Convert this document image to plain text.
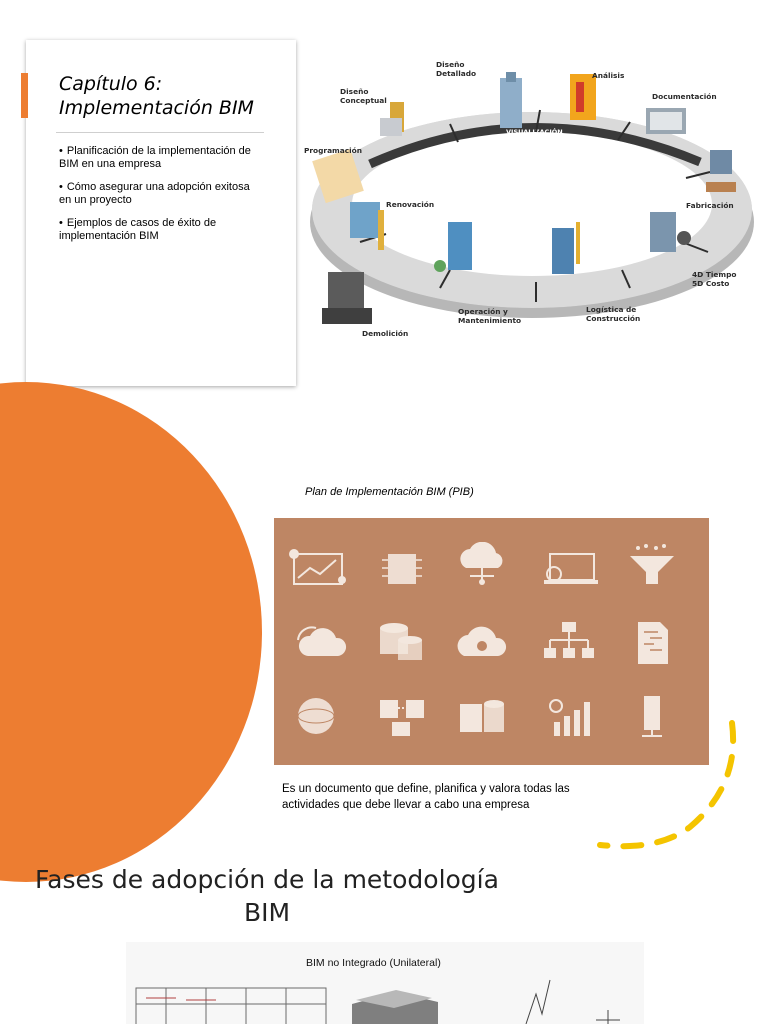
Capítulo 6:
Implementación BIM
• Planificación de la implementación de BIM en una empresa
• Cómo asegurar una adopción exitosa en un proyecto
• Ejemplos de casos de éxito de implementación BIM
VISUALIZACIÓN
Diseño Detallado
Diseño Conceptual
Análisis
Documentación
Programación
Renovación	Fabricación
4D Tiempo 5D Costo
Demolición
Operación y Mantenimiento
Logística de Construcción
Plan de Implementación BIM (PIB)
Es un documento que define, planifica y valora todas las actividades que debe llevar a cabo una empresa
Fases de adopción de la metodología BIM
BIM no Integrado (Unilateral)
